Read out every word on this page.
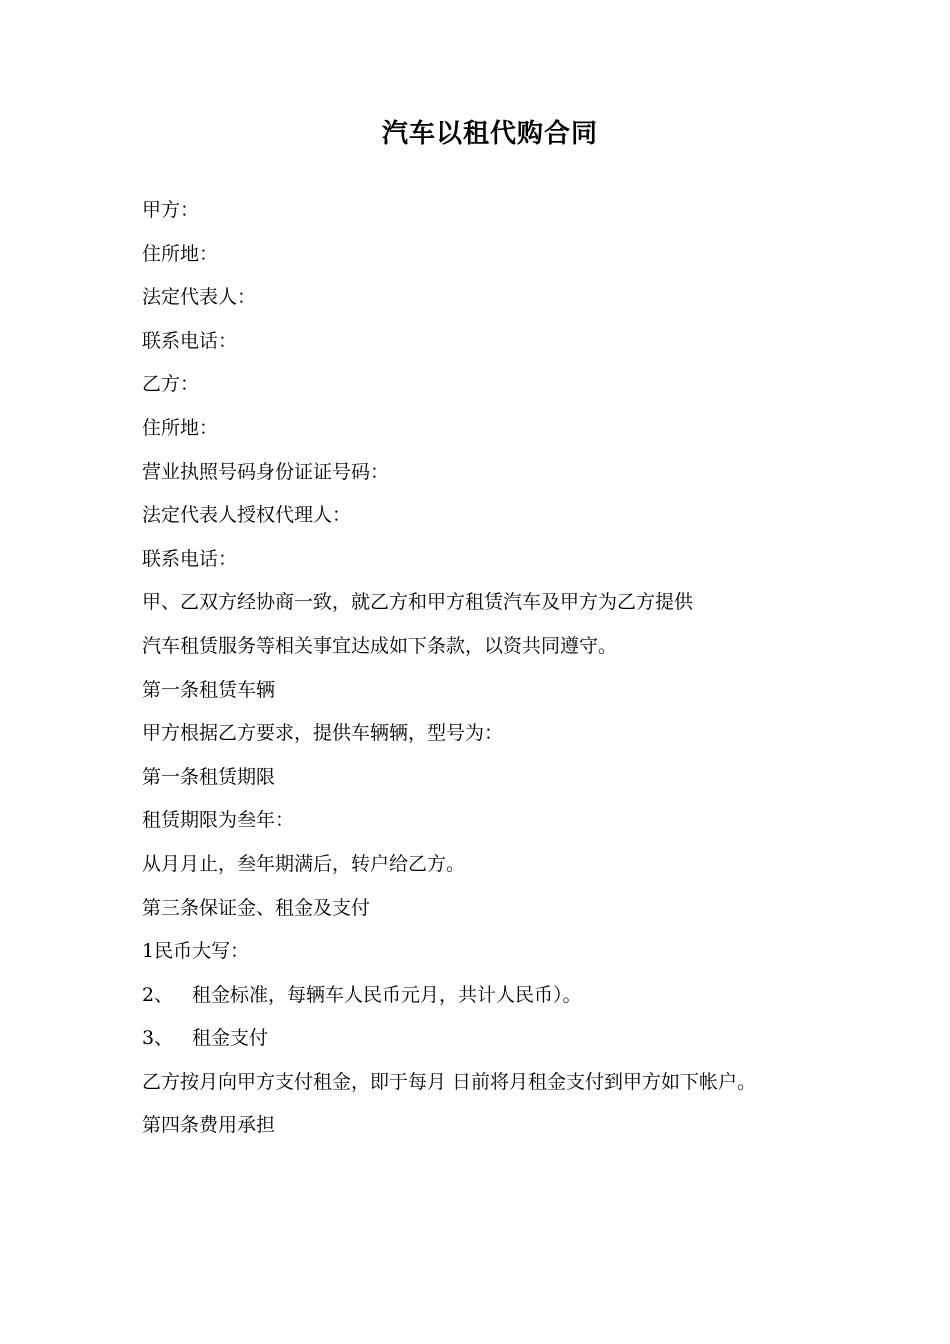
汽车以租代购合同
甲方：
住所地：
法定代表人：
联系电话：
乙方：
住所地：
营业执照号码身份证证号码：
法定代表人授权代理人：
联系电话：
甲、乙双方经协商一致，就乙方和甲方租赁汽车及甲方为乙方提供
汽车租赁服务等相关事宜达成如下条款，以资共同遵守。
第一条租赁车辆
甲方根据乙方要求，提供车辆辆，型号为：
第一条租赁期限
租赁期限为叁年：
从月月止，叁年期满后，转户给乙方。
第三条保证金、租金及支付
1民币大写：
2、 租金标准，每辆车人民币元月，共计人民币）。
3、 租金支付
乙方按月向甲方支付租金，即于每月 日前将月租金支付到甲方如下帐户。
第四条费用承担
